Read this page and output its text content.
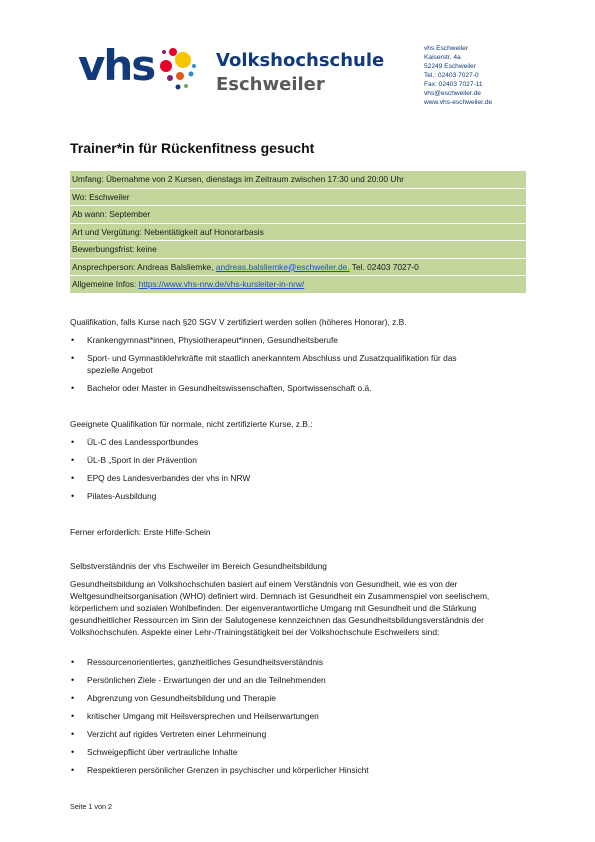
vhs	Volkshochschule
Eschweiler
vhs Eschweiler
Kaiserstr. 4a
52249 Eschweiler
Tel.: 02403 7027-0
Fax: 02403 7027-11
vhs@eschweiler.de
www.vhs-eschweiler.de
Trainer*in für Rückenfitness gesucht
Umfang: Übernahme von 2 Kursen, dienstags im Zeitraum zwischen 17:30 und 20:00 Uhr
Wo: Eschweiler
Ab wann: September
Art und Vergütung: Nebentätigkeit auf Honorarbasis
Bewerbungsfrist: keine
Ansprechperson: Andreas Balsliemke, andreas.balsliemke@eschweiler.de. Tel. 02403 7027-0
Allgemeine Infos: https://www.vhs-nrw.de/vhs-kursleiter-in-nrw/
Qualifikation, falls Kurse nach §20 SGV V zertifiziert werden sollen (höheres Honorar), z.B.
• Krankengymnast*innen, Physiotherapeut*innen, Gesundheitsberufe
• Sport- und Gymnastiklehrkräfte mit staatlich anerkanntem Abschluss und Zusatzqualifikation für das spezielle Angebot
• Bachelor oder Master in Gesundheitswissenschaften, Sportwissenschaft o.ä.
Geeignete Qualifikation für normale, nicht zertifizierte Kurse, z.B.:
• ÜL-C des Landessportbundes
• ÜL-B „Sport in der Prävention
• EPQ des Landesverbandes der vhs in NRW
• Pilates-Ausbildung
Ferner erforderlich: Erste Hilfe-Schein
Selbstverständnis der vhs Eschweiler im Bereich Gesundheitsbildung
Gesundheitsbildung an Volkshochschulen basiert auf einem Verständnis von Gesundheit, wie es von der Weltgesundheitsorganisation (WHO) definiert wird. Demnach ist Gesundheit ein Zusammenspiel von seelischem, körperlichem und sozialen Wohlbefinden. Der eigenverantwortliche Umgang mit Gesundheit und die Stärkung gesundheitlicher Ressourcen im Sinn der Salutogenese kennzeichnen das Gesundheitsbildungsverständnis der Volkshochschulen. Aspekte einer Lehr-/Trainingstätigkeit bei der Volkshochschule Eschweilers sind:
• Ressourcenorientiertes, ganzheitliches Gesundheitsverständnis
• Persönlichen Ziele - Erwartungen der und an die Teilnehmenden
• Abgrenzung von Gesundheitsbildung und Therapie
• kritischer Umgang mit Heilsversprechen und Heilserwartungen
• Verzicht auf rigides Vertreten einer Lehrmeinung
• Schweigepflicht über vertrauliche Inhalte
• Respektieren persönlicher Grenzen in psychischer und körperlicher Hinsicht
Seite 1 von 2
